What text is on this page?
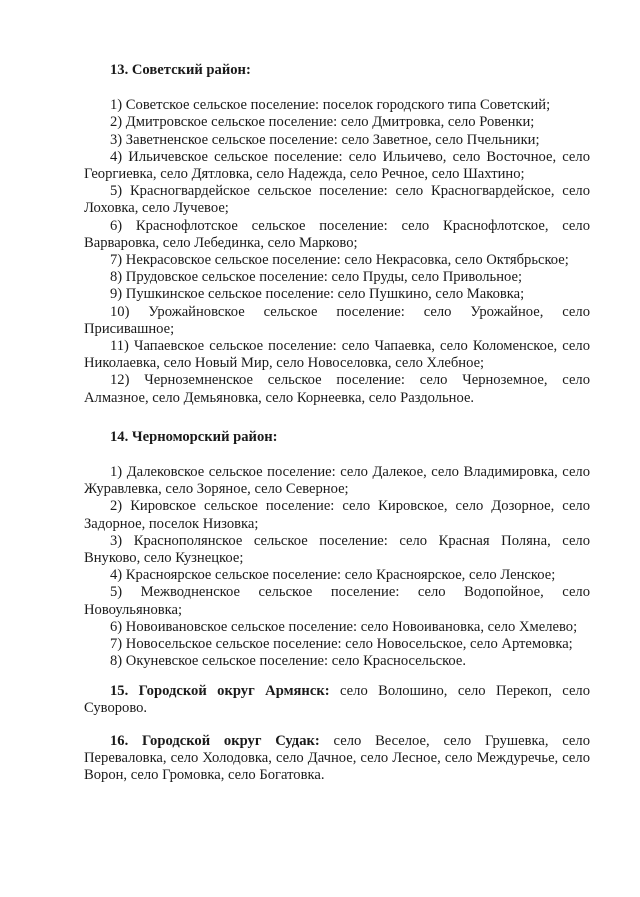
13. Советский район:

1) Советское сельское поселение: поселок городского типа Советский;

2) Дмитровское сельское поселение: село Дмитровка, село Ровенки;

3) Заветненское сельское поселение: село Заветное, село Пчельники;

4) Ильичевское сельское поселение: село Ильичево, село Восточное, село Георгиевка, село Дятловка, село Надежда, село Речное, село Шахтино;

5) Красногвардейское сельское поселение: село Красногвардейское, село Лоховка, село Лучевое;

6) Краснофлотское сельское поселение: село Краснофлотское, село Варваровка, село Лебединка, село Марково;

7) Некрасовское сельское поселение: село Некрасовка, село Октябрьское;

8) Прудовское сельское поселение: село Пруды, село Привольное;

9) Пушкинское сельское поселение: село Пушкино, село Маковка;

10) Урожайновское сельское поселение: село Урожайное, село Присивашное;

11) Чапаевское сельское поселение: село Чапаевка, село Коломенское, село Николаевка, село Новый Мир, село Новоселовка, село Хлебное;

12) Черноземненское сельское поселение: село Черноземное, село Алмазное, село Демьяновка, село Корнеевка, село Раздольное.

14. Черноморский район:

1) Далековское сельское поселение: село Далекое, село Владимировка, село Журавлевка, село Зоряное, село Северное;

2) Кировское сельское поселение: село Кировское, село Дозорное, село Задорное, поселок Низовка;

3) Краснополянское сельское поселение: село Красная Поляна, село Внуково, село Кузнецкое;

4) Красноярское сельское поселение: село Красноярское, село Ленское;

5) Межводненское сельское поселение: село Водопойное, село Новоульяновка;

6) Новоивановское сельское поселение: село Новоивановка, село Хмелево;

7) Новосельское сельское поселение: село Новосельское, село Артемовка;

8) Окуневское сельское поселение: село Красносельское.

15. Городской округ Армянск: село Волошино, село Перекоп, село Суворово.

16. Городской округ Судак: село Веселое, село Грушевка, село Переваловка, село Холодовка, село Дачное, село Лесное, село Междуречье, село Ворон, село Громовка, село Богатовка.
